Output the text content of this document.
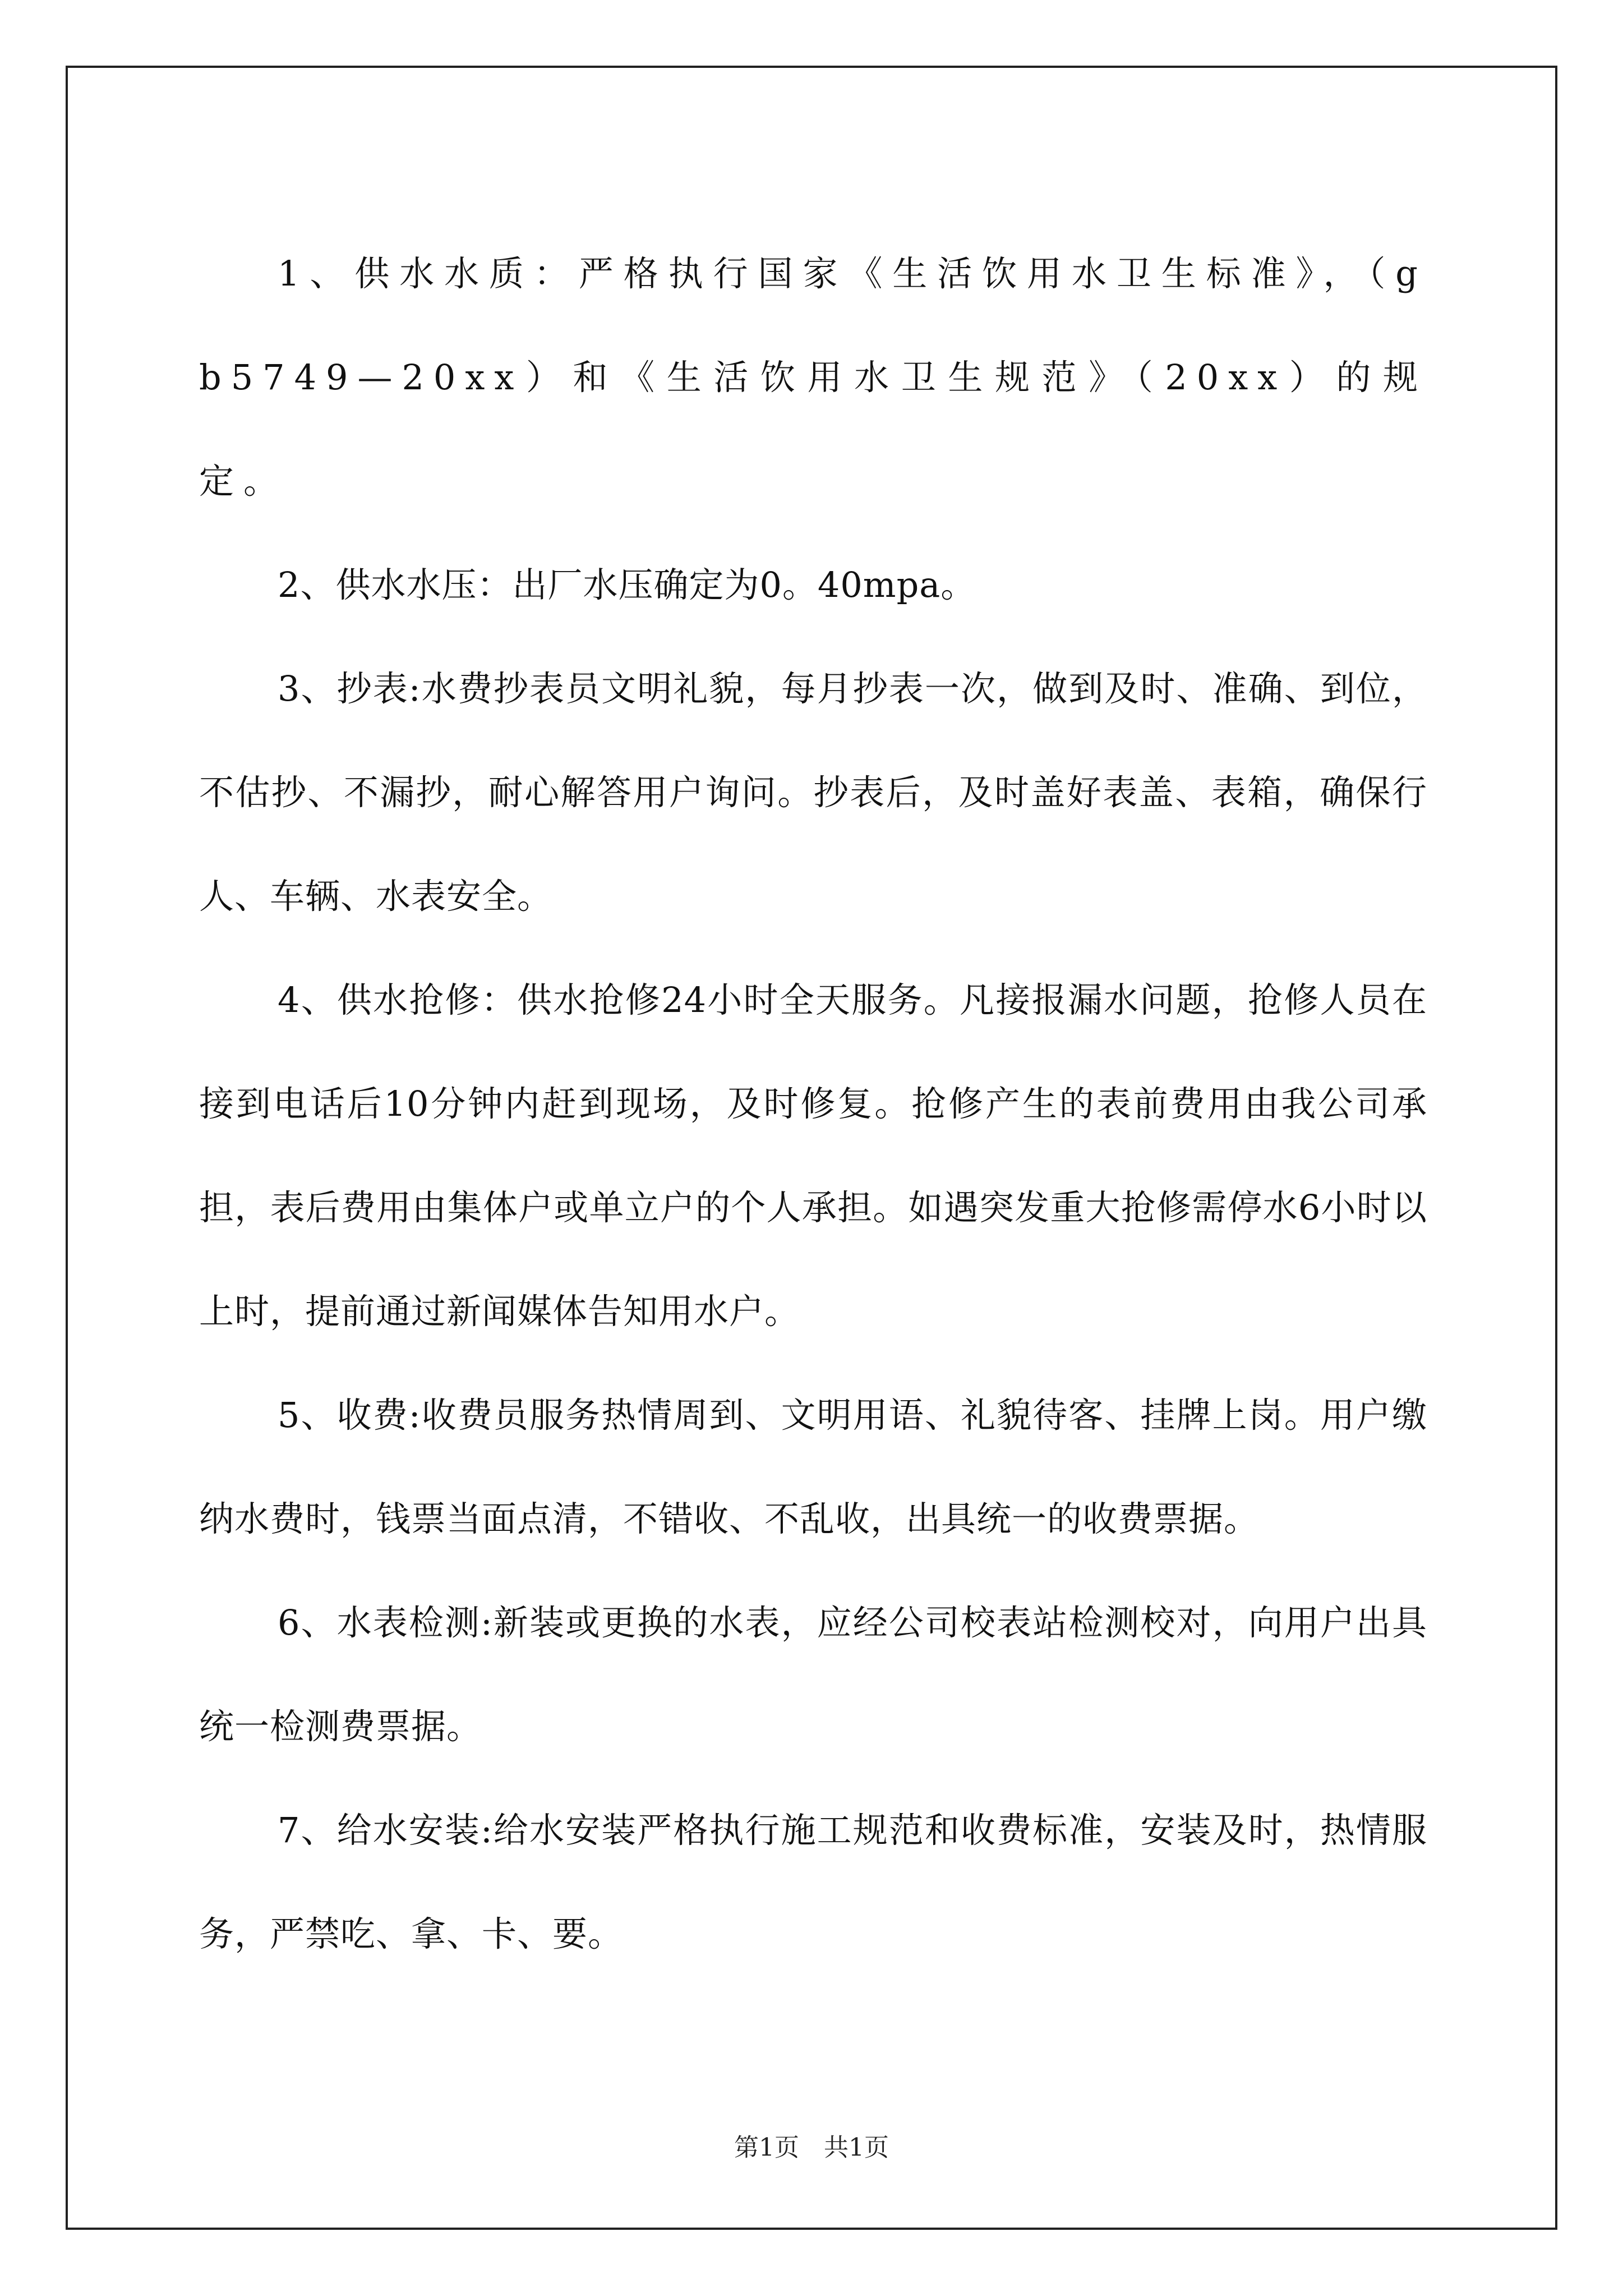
1、供水水质：严格执行国家《生活饮用水卫生标准》，（gb5749—20xx）和《生活饮用水卫生规范》（20xx）的规定。

2、供水水压：出厂水压确定为0。40mpa。

3、抄表:水费抄表员文明礼貌，每月抄表一次，做到及时、准确、到位，不估抄、不漏抄，耐心解答用户询问。抄表后，及时盖好表盖、表箱，确保行人、车辆、水表安全。

4、供水抢修：供水抢修24小时全天服务。凡接报漏水问题，抢修人员在接到电话后10分钟内赶到现场，及时修复。抢修产生的表前费用由我公司承担，表后费用由集体户或单立户的个人承担。如遇突发重大抢修需停水6小时以上时，提前通过新闻媒体告知用水户。

5、收费:收费员服务热情周到、文明用语、礼貌待客、挂牌上岗。用户缴纳水费时，钱票当面点清，不错收、不乱收，出具统一的收费票据。

6、水表检测:新装或更换的水表，应经公司校表站检测校对，向用户出具统一检测费票据。

7、给水安装:给水安装严格执行施工规范和收费标准，安装及时，热情服务，严禁吃、拿、卡、要。

第1页　共1页
